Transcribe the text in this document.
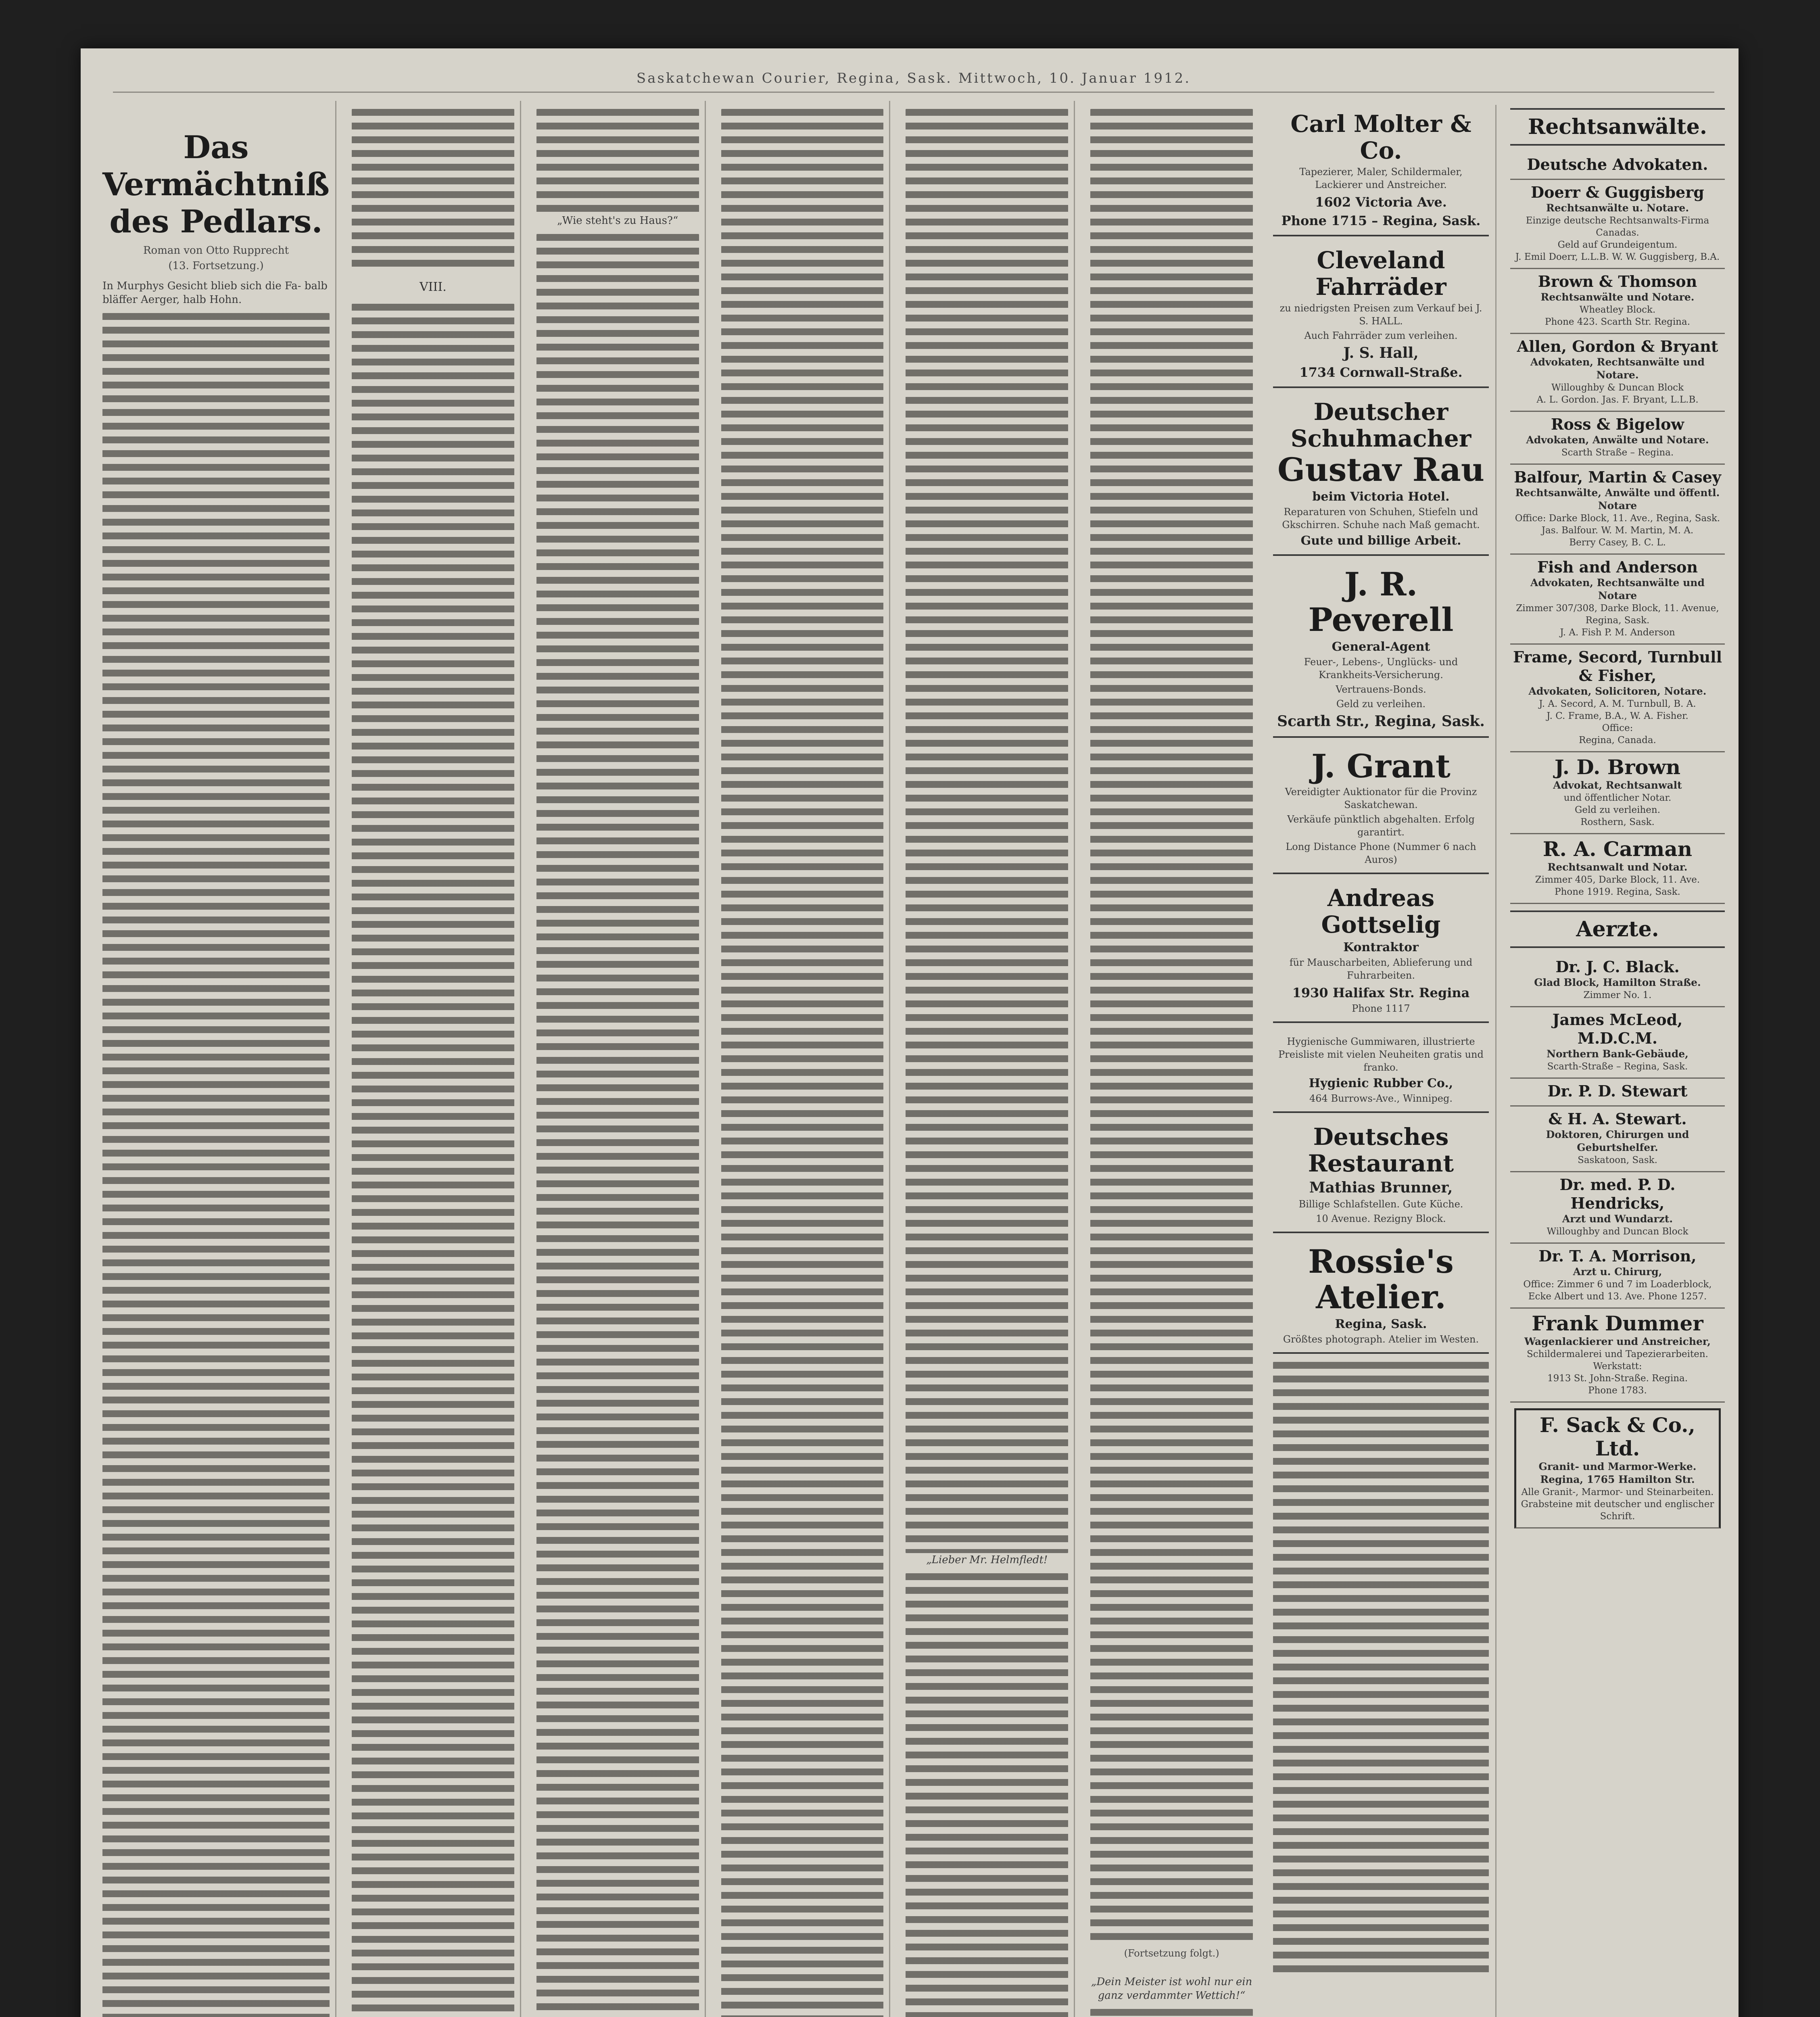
Saskatchewan Courier, Regina, Sask. Mittwoch, 10. Januar 1912.
Das Vermächtniß
des Pedlars.
Roman von Otto Rupprecht
(13. Fortsetzung.)
In Murphys Gesicht blieb sich die Fa- balb bläffer Aerger, halb Hohn.
VIII.
„Wie steht's zu Haus?“
„Lieber Mr. Helmfledt!
(Fortsetzung folgt.)
„Dein Meister ist wohl nur ein ganz verdammter Wettich!“
Carl Molter & Co.
Tapezierer, Maler, Schildermaler, Lackierer und Anstreicher.
1602 Victoria Ave.
Phone 1715 – Regina, Sask.
Cleveland Fahrräder
zu niedrigsten Preisen zum Verkauf bei J. S. HALL.
Auch Fahrräder zum verleihen.
J. S. Hall,
1734 Cornwall-Straße.
Deutscher Schuhmacher
Gustav Rau
beim Victoria Hotel.
Reparaturen von Schuhen, Stiefeln und Gkschirren. Schuhe nach Maß gemacht.
Gute und billige Arbeit.
J. R. Peverell
General-Agent
Feuer-, Lebens-, Unglücks- und Krankheits-Versicherung.
Vertrauens-Bonds.
Geld zu verleihen.
Scarth Str., Regina, Sask.
J. Grant
Vereidigter Auktionator für die Provinz Saskatchewan.
Verkäufe pünktlich abgehalten. Erfolg garantirt.
Long Distance Phone (Nummer 6 nach Auros)
Andreas Gottselig
Kontraktor
für Mauscharbeiten, Ablieferung und Fuhrarbeiten.
1930 Halifax Str. Regina
Phone 1117
Hygienische Gummiwaren, illustrierte Preisliste mit vielen Neuheiten gratis und franko.
Hygienic Rubber Co.,
464 Burrows-Ave., Winnipeg.
Deutsches Restaurant
Mathias Brunner,
Billige Schlafstellen. Gute Küche.
10 Avenue. Rezigny Block.
Rossie's Atelier.
Regina, Sask.
Größtes photograph. Atelier im Westen.
Rechtsanwälte.
Deutsche Advokaten.
Doerr & Guggisberg
Rechtsanwälte u. Notare.
Einzige deutsche Rechtsanwalts-Firma Canadas.
Geld auf Grundeigentum.
J. Emil Doerr, L.L.B. W. W. Guggisberg, B.A.
Brown & Thomson
Rechtsanwälte und Notare.
Wheatley Block.
Phone 423. Scarth Str. Regina.
Allen, Gordon & Bryant
Advokaten, Rechtsanwälte und Notare.
Willoughby & Duncan Block
A. L. Gordon. Jas. F. Bryant, L.L.B.
Ross & Bigelow
Advokaten, Anwälte und Notare.
Scarth Straße – Regina.
Balfour, Martin & Casey
Rechtsanwälte, Anwälte und öffentl. Notare
Office: Darke Block, 11. Ave., Regina, Sask.
Jas. Balfour. W. M. Martin, M. A.
Berry Casey, B. C. L.
Fish and Anderson
Advokaten, Rechtsanwälte und Notare
Zimmer 307/308, Darke Block, 11. Avenue,
Regina, Sask.
J. A. Fish P. M. Anderson
Frame, Secord, Turnbull & Fisher,
Advokaten, Solicitoren, Notare.
J. A. Secord, A. M. Turnbull, B. A.
J. C. Frame, B.A., W. A. Fisher.
Office:
Regina, Canada.
J. D. Brown
Advokat, Rechtsanwalt
und öffentlicher Notar.
Geld zu verleihen.
Rosthern, Sask.
R. A. Carman
Rechtsanwalt und Notar.
Zimmer 405, Darke Block, 11. Ave.
Phone 1919. Regina, Sask.
Aerzte.
Dr. J. C. Black.
Glad Block, Hamilton Straße.
Zimmer No. 1.
James McLeod, M.D.C.M.
Northern Bank-Gebäude,
Scarth-Straße – Regina, Sask.
Dr. P. D. Stewart
& H. A. Stewart.
Doktoren, Chirurgen und Geburtshelfer.
Saskatoon, Sask.
Dr. med. P. D. Hendricks,
Arzt und Wundarzt.
Willoughby and Duncan Block
Dr. T. A. Morrison,
Arzt u. Chirurg,
Office: Zimmer 6 und 7 im Loaderblock, Ecke Albert und 13. Ave. Phone 1257.
Frank Dummer
Wagenlackierer und Anstreicher,
Schildermalerei und Tapezierarbeiten.
Werkstatt:
1913 St. John-Straße. Regina.
Phone 1783.
F. Sack & Co., Ltd.
Granit- und Marmor-Werke.
Regina, 1765 Hamilton Str.
Alle Granit-, Marmor- und Steinarbeiten.
Grabsteine mit deutscher und englischer Schrift.
